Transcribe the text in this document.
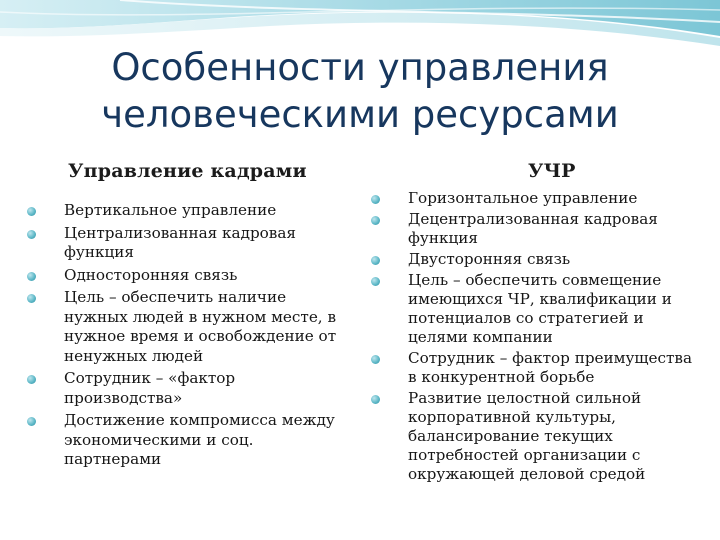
Особенности управления
человеческими ресурсами
Управление кадрами
Вертикальное управление
Централизованная кадровая функция
Односторонняя связь
Цель – обеспечить наличие нужных людей в нужном месте, в нужное время и освобождение от ненужных людей
Сотрудник – «фактор производства»
Достижение компромисса между экономическими и соц. партнерами
УЧР
Горизонтальное управление
Децентрализованная кадровая функция
Двусторонняя связь
Цель – обеспечить совмещение имеющихся ЧР, квалификации и потенциалов со стратегией и целями компании
Сотрудник – фактор преимущества в конкурентной борьбе
Развитие целостной сильной корпоративной культуры, балансирование текущих потребностей организации с окружающей деловой средой
